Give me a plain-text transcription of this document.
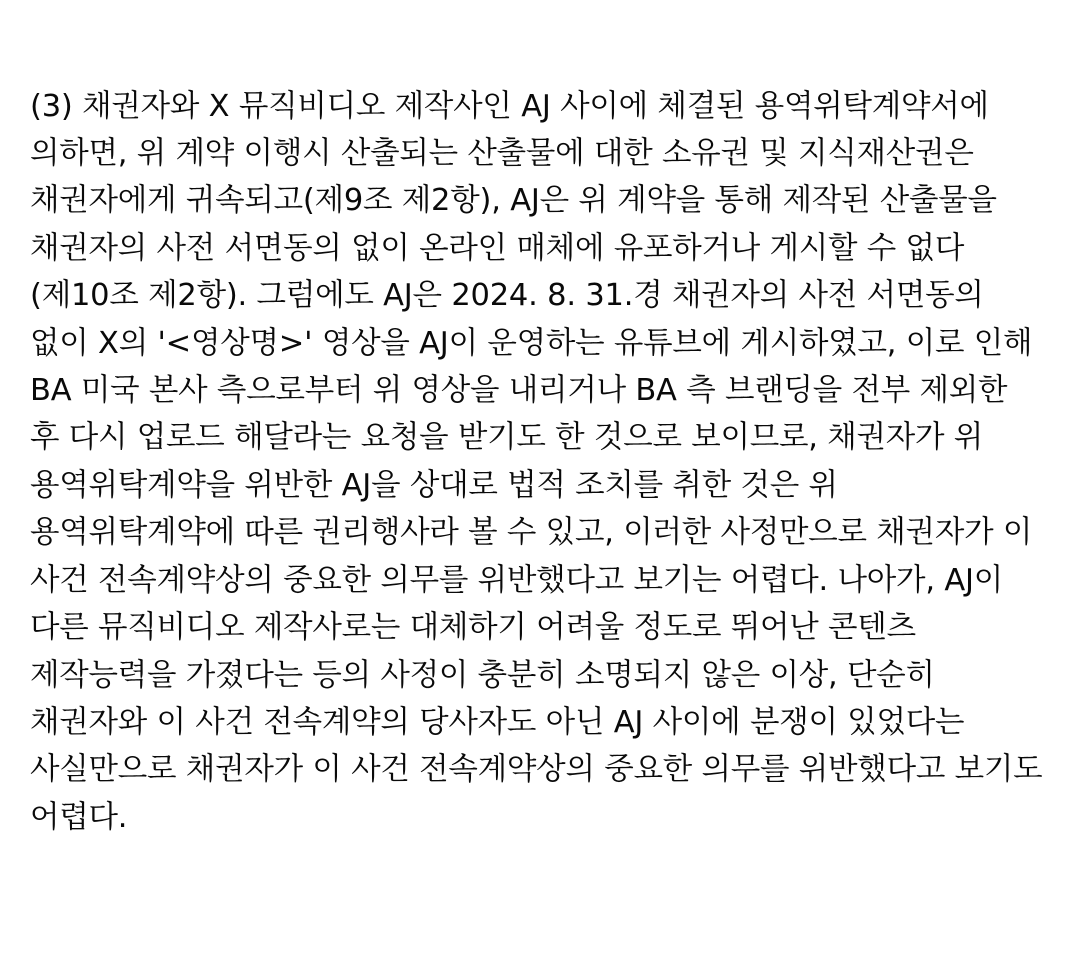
(3) 채권자와 X 뮤직비디오 제작사인 AJ 사이에 체결된 용역위탁계약서에 의하면, 위 계약 이행시 산출되는 산출물에 대한 소유권 및 지식재산권은 채권자에게 귀속되고(제9조 제2항), AJ은 위 계약을 통해 제작된 산출물을 채권자의 사전 서면동의 없이 온라인 매체에 유포하거나 게시할 수 없다(제10조 제2항). 그럼에도 AJ은 2024. 8. 31.경 채권자의 사전 서면동의 없이 X의 '<영상명>' 영상을 AJ이 운영하는 유튜브에 게시하였고, 이로 인해 BA 미국 본사 측으로부터 위 영상을 내리거나 BA 측 브랜딩을 전부 제외한 후 다시 업로드 해달라는 요청을 받기도 한 것으로 보이므로, 채권자가 위 용역위탁계약을 위반한 AJ을 상대로 법적 조치를 취한 것은 위 용역위탁계약에 따른 권리행사라 볼 수 있고, 이러한 사정만으로 채권자가 이 사건 전속계약상의 중요한 의무를 위반했다고 보기는 어렵다. 나아가, AJ이 다른 뮤직비디오 제작사로는 대체하기 어려울 정도로 뛰어난 콘텐츠 제작능력을 가졌다는 등의 사정이 충분히 소명되지 않은 이상, 단순히 채권자와 이 사건 전속계약의 당사자도 아닌 AJ 사이에 분쟁이 있었다는 사실만으로 채권자가 이 사건 전속계약상의 중요한 의무를 위반했다고 보기도 어렵다.
